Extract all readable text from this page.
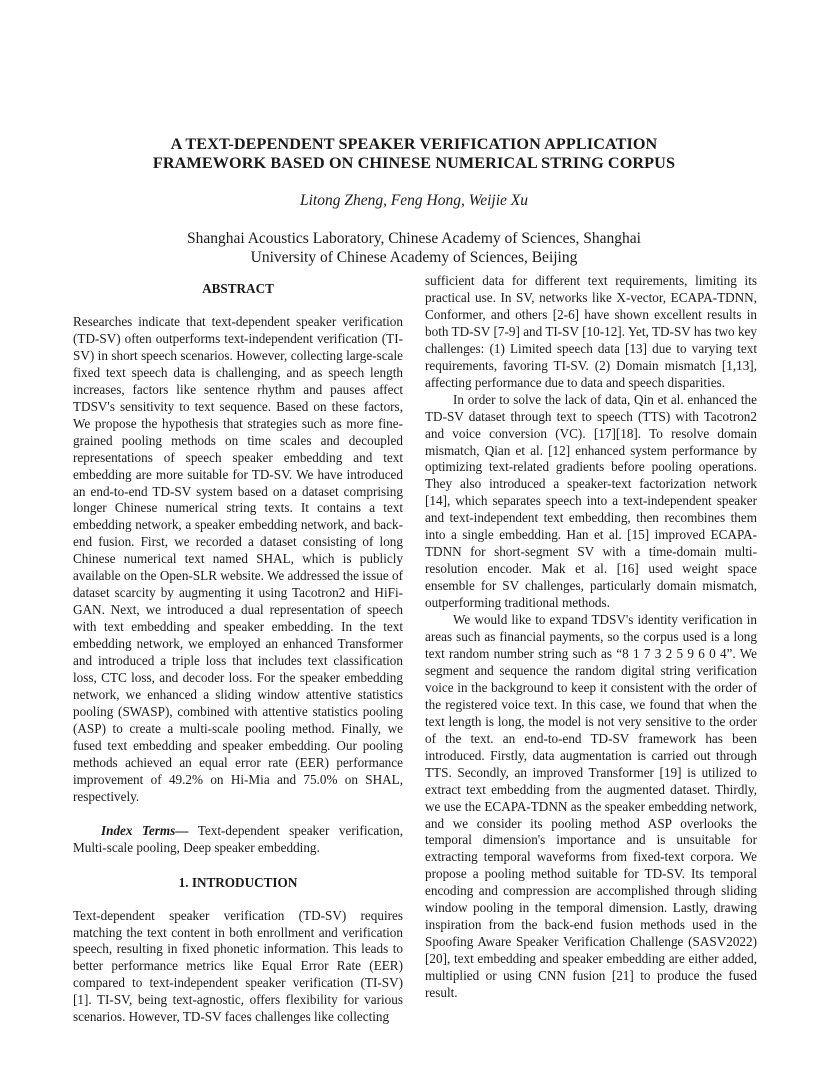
A TEXT-DEPENDENT SPEAKER VERIFICATION APPLICATION
FRAMEWORK BASED ON CHINESE NUMERICAL STRING CORPUS
Litong Zheng, Feng Hong, Weijie Xu
Shanghai Acoustics Laboratory, Chinese Academy of Sciences, Shanghai
University of Chinese Academy of Sciences, Beijing
ABSTRACT

Researches indicate that text-dependent speaker verification (TD-SV) often outperforms text-independent verification (TI-SV) in short speech scenarios. However, collecting large-scale fixed text speech data is challenging, and as speech length increases, factors like sentence rhythm and pauses affect TDSV's sensitivity to text sequence. Based on these factors, We propose the hypothesis that strategies such as more fine-grained pooling methods on time scales and decoupled representations of speech speaker embedding and text embedding are more suitable for TD-SV. We have introduced an end-to-end TD-SV system based on a dataset comprising longer Chinese numerical string texts. It contains a text embedding network, a speaker embedding network, and back-end fusion. First, we recorded a dataset consisting of long Chinese numerical text named SHAL, which is publicly available on the Open-SLR website. We addressed the issue of dataset scarcity by augmenting it using Tacotron2 and HiFi-GAN. Next, we introduced a dual representation of speech with text embedding and speaker embedding. In the text embedding network, we employed an enhanced Transformer and introduced a triple loss that includes text classification loss, CTC loss, and decoder loss. For the speaker embedding network, we enhanced a sliding window attentive statistics pooling (SWASP), combined with attentive statistics pooling (ASP) to create a multi-scale pooling method. Finally, we fused text embedding and speaker embedding. Our pooling methods achieved an equal error rate (EER) performance improvement of 49.2% on Hi-Mia and 75.0% on SHAL, respectively.

Index Terms— Text-dependent speaker verification, Multi-scale pooling, Deep speaker embedding.

1. INTRODUCTION

Text-dependent speaker verification (TD-SV) requires matching the text content in both enrollment and verification speech, resulting in fixed phonetic information. This leads to better performance metrics like Equal Error Rate (EER) compared to text-independent speaker verification (TI-SV) [1]. TI-SV, being text-agnostic, offers flexibility for various scenarios. However, TD-SV faces challenges like collecting

sufficient data for different text requirements, limiting its practical use. In SV, networks like X-vector, ECAPA-TDNN, Conformer, and others [2-6] have shown excellent results in both TD-SV [7-9] and TI-SV [10-12]. Yet, TD-SV has two key challenges: (1) Limited speech data [13] due to varying text requirements, favoring TI-SV. (2) Domain mismatch [1,13], affecting performance due to data and speech disparities.

In order to solve the lack of data, Qin et al. enhanced the TD-SV dataset through text to speech (TTS) with Tacotron2 and voice conversion (VC). [17][18]. To resolve domain mismatch, Qian et al. [12] enhanced system performance by optimizing text-related gradients before pooling operations. They also introduced a speaker-text factorization network [14], which separates speech into a text-independent speaker and text-independent text embedding, then recombines them into a single embedding. Han et al. [15] improved ECAPA-TDNN for short-segment SV with a time-domain multi-resolution encoder. Mak et al. [16] used weight space ensemble for SV challenges, particularly domain mismatch, outperforming traditional methods.

We would like to expand TDSV's identity verification in areas such as financial payments, so the corpus used is a long text random number string such as “8 1 7 3 2 5 9 6 0 4”. We segment and sequence the random digital string verification voice in the background to keep it consistent with the order of the registered voice text. In this case, we found that when the text length is long, the model is not very sensitive to the order of the text. an end-to-end TD-SV framework has been introduced. Firstly, data augmentation is carried out through TTS. Secondly, an improved Transformer [19] is utilized to extract text embedding from the augmented dataset. Thirdly, we use the ECAPA-TDNN as the speaker embedding network, and we consider its pooling method ASP overlooks the temporal dimension's importance and is unsuitable for extracting temporal waveforms from fixed-text corpora. We propose a pooling method suitable for TD-SV. Its temporal encoding and compression are accomplished through sliding window pooling in the temporal dimension. Lastly, drawing inspiration from the back-end fusion methods used in the Spoofing Aware Speaker Verification Challenge (SASV2022) [20], text embedding and speaker embedding are either added, multiplied or using CNN fusion [21] to produce the fused result.
